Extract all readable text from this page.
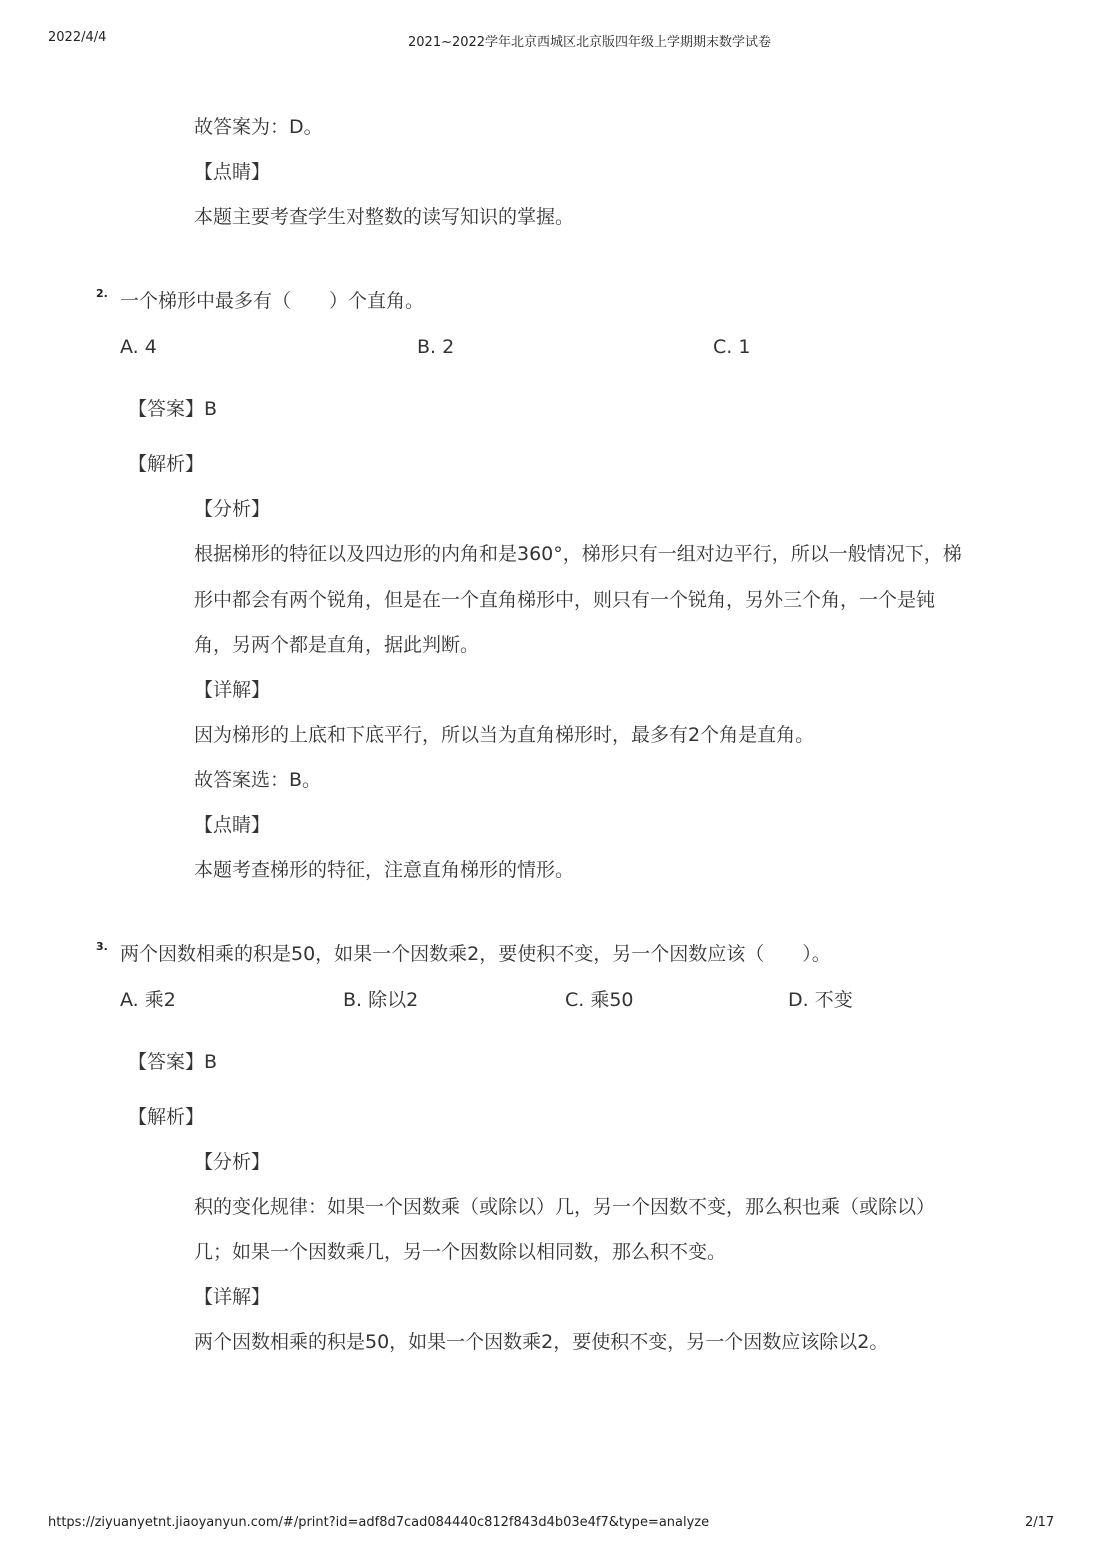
2022/4/4	2021~2022学年北京西城区北京版四年级上学期期末数学试卷
故答案为：D。
【点睛】
本题主要考查学生对整数的读写知识的掌握。
2. 一个梯形中最多有（　　）个直角。
A. 4	B. 2	C. 1
【答案】B
【解析】
【分析】
根据梯形的特征以及四边形的内角和是360°，梯形只有一组对边平行，所以一般情况下，梯
形中都会有两个锐角，但是在一个直角梯形中，则只有一个锐角，另外三个角，一个是钝
角，另两个都是直角，据此判断。
【详解】
因为梯形的上底和下底平行，所以当为直角梯形时，最多有2个角是直角。
故答案选：B。
【点睛】
本题考查梯形的特征，注意直角梯形的情形。
3. 两个因数相乘的积是50，如果一个因数乘2，要使积不变，另一个因数应该（　　）。
A. 乘2	B. 除以2	C. 乘50	D. 不变
【答案】B
【解析】
【分析】
积的变化规律：如果一个因数乘（或除以）几，另一个因数不变，那么积也乘（或除以）
几；如果一个因数乘几，另一个因数除以相同数，那么积不变。
【详解】
两个因数相乘的积是50，如果一个因数乘2，要使积不变，另一个因数应该除以2。
https://ziyuanyetnt.jiaoyanyun.com/#/print?id=adf8d7cad084440c812f843d4b03e4f7&type=analyze	2/17
